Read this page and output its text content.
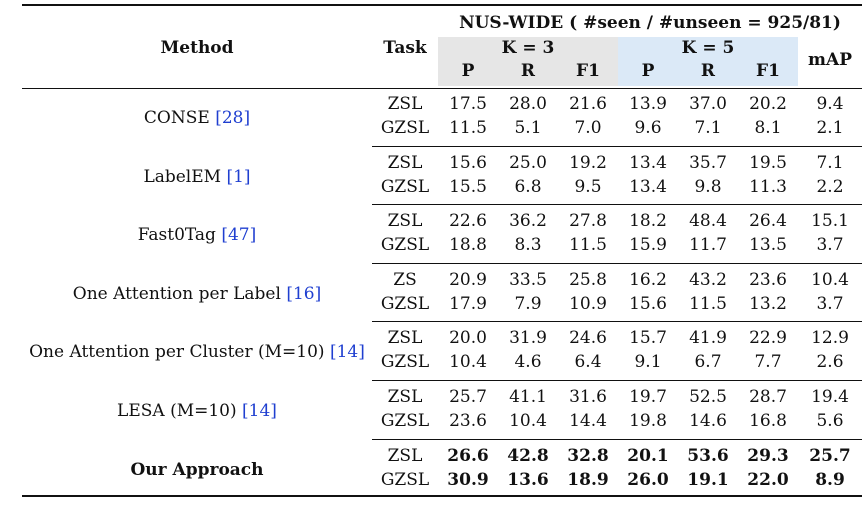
Method	Task
NUS-WIDE ( #seen / #unseen = 925/81)
K = 3	K = 5
mAP
P	R	F1	P	R	F1
CONSE [28]
ZSL	17.5	28.0	21.6	13.9	37.0	20.2	9.4
GZSL	11.5	5.1	7.0	9.6	7.1	8.1	2.1
LabelEM [1]
ZSL	15.6	25.0	19.2	13.4	35.7	19.5	7.1
GZSL	15.5	6.8	9.5	13.4	9.8	11.3	2.2
Fast0Tag [47]
ZSL	22.6	36.2	27.8	18.2	48.4	26.4	15.1
GZSL	18.8	8.3	11.5	15.9	11.7	13.5	3.7
One Attention per Label [16]
ZS	20.9	33.5	25.8	16.2	43.2	23.6	10.4
GZSL	17.9	7.9	10.9	15.6	11.5	13.2	3.7
One Attention per Cluster (M=10) [14]
ZSL	20.0	31.9	24.6	15.7	41.9	22.9	12.9
GZSL	10.4	4.6	6.4	9.1	6.7	7.7	2.6
LESA (M=10) [14]
ZSL	25.7	41.1	31.6	19.7	52.5	28.7	19.4
GZSL	23.6	10.4	14.4	19.8	14.6	16.8	5.6
Our Approach
ZSL	26.6	42.8	32.8	20.1	53.6	29.3	25.7
GZSL	30.9	13.6	18.9	26.0	19.1	22.0	8.9
